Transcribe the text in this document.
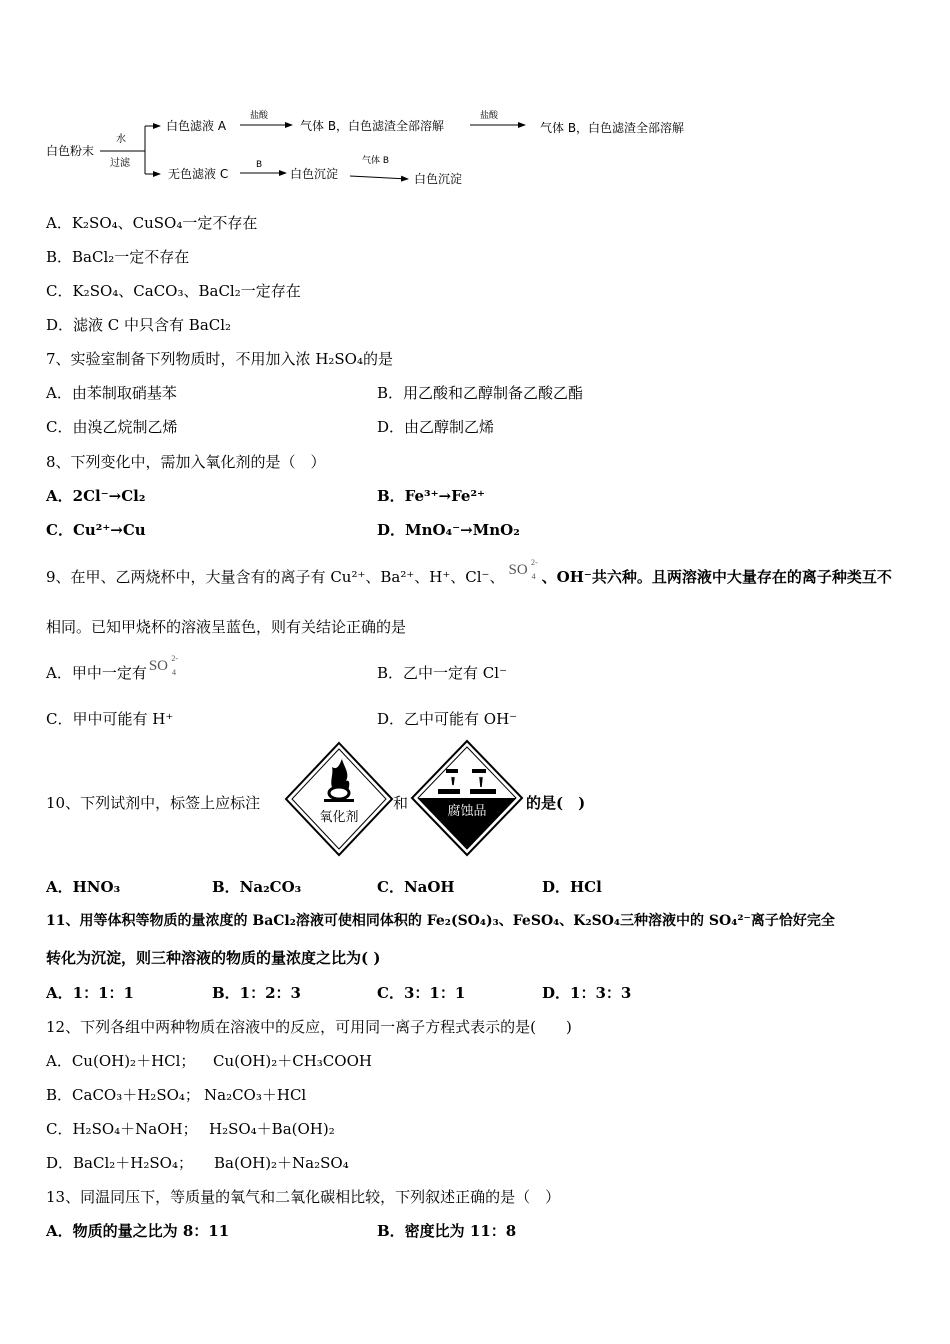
白色粉末
水
过滤
白色滤液 A
盐酸
气体 B，白色滤渣全部溶解
盐酸
气体 B，白色滤渣全部溶解
无色滤液 C
B
白色沉淀
气体 B
白色沉淀
A．K₂SO₄、CuSO₄一定不存在
B．BaCl₂一定不存在
C．K₂SO₄、CaCO₃、BaCl₂一定存在
D．滤液 C 中只含有 BaCl₂
7、实验室制备下列物质时，不用加入浓 H₂SO₄的是
A．由苯制取硝基苯	B．用乙酸和乙醇制备乙酸乙酯
C．由溴乙烷制乙烯	D．由乙醇制乙烯
8、下列变化中，需加入氧化剂的是（　）
A．2Cl⁻→Cl₂	B．Fe³⁺→Fe²⁺
C．Cu²⁺→Cu	D．MnO₄⁻→MnO₂
9、在甲、乙两烧杯中，大量含有的离子有 Cu²⁺、Ba²⁺、H⁺、Cl⁻、 SO 2-
4 、OH⁻共六种。且两溶液中大量存在的离子种类互不
相同。已知甲烧杯的溶液呈蓝色，则有关结论正确的是
A．甲中一定有 SO 2-
4	B．乙中一定有 Cl⁻
C．甲中可能有 H⁺	D．乙中可能有 OH⁻
10、下列试剂中，标签上应标注
氧化剂
和	腐蚀品	的是(　)
A．HNO₃	B．Na₂CO₃	C．NaOH	D．HCl
11、用等体积等物质的量浓度的 BaCl₂溶液可使相同体积的 Fe₂(SO₄)₃、FeSO₄、K₂SO₄三种溶液中的 SO₄²⁻离子恰好完全
转化为沉淀，则三种溶液的物质的量浓度之比为( )
A．1：1：1	B．1：2：3	C．3：1：1	D．1：3：3
12、下列各组中两种物质在溶液中的反应，可用同一离子方程式表示的是(　　)
A．Cu(OH)₂＋HCl； Cu(OH)₂＋CH₃COOH
B．CaCO₃＋H₂SO₄； Na₂CO₃＋HCl
C．H₂SO₄＋NaOH； H₂SO₄＋Ba(OH)₂
D．BaCl₂＋H₂SO₄； Ba(OH)₂＋Na₂SO₄
13、同温同压下，等质量的氧气和二氧化碳相比较，下列叙述正确的是（　）
A．物质的量之比为 8：11	B．密度比为 11：8
